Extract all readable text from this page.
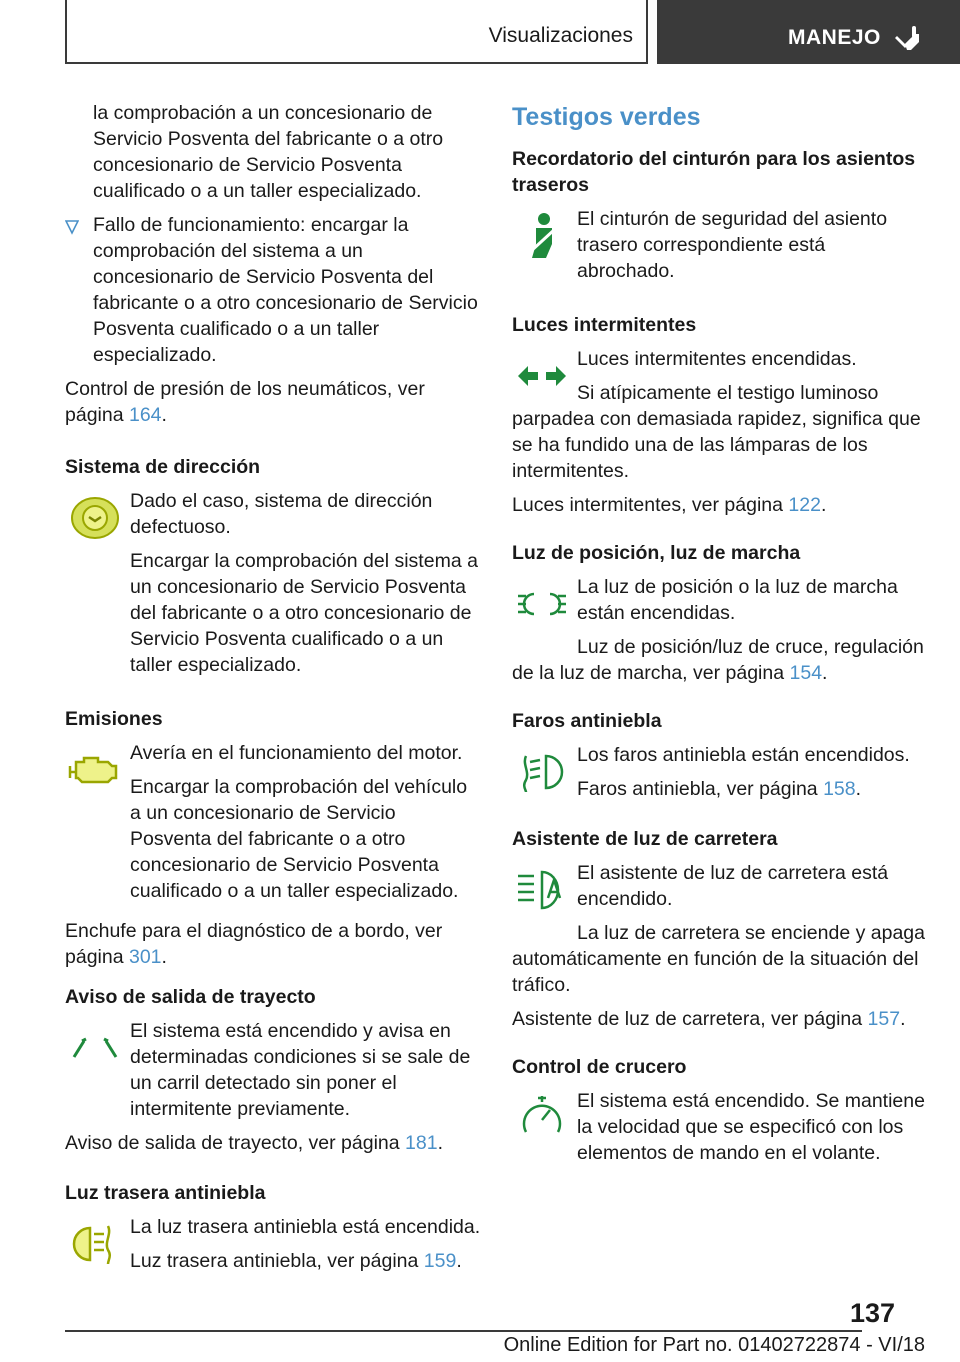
Visualizaciones	MANEJO

la comprobación a un concesionario de Servicio Posventa del fabricante o a otro concesionario de Servicio Posventa cualificado o a un taller especializado.

Fallo de funcionamiento: encargar la comprobación del sistema a un concesionario de Servicio Posventa del fabricante o a otro concesionario de Servicio Posventa cualificado o a un taller especializado.

Control de presión de los neumáticos, ver página 164.

Sistema de dirección

Dado el caso, sistema de dirección defectuoso.

Encargar la comprobación del sistema a un concesionario de Servicio Posventa del fabricante o a otro concesionario de Servicio Posventa cualificado o a un taller especializado.

Emisiones

Avería en el funcionamiento del motor.

Encargar la comprobación del vehículo a un concesionario de Servicio Posventa del fabricante o a otro concesionario de Servicio Posventa cualificado o a un taller especializado.

Enchufe para el diagnóstico de a bordo, ver página 301.

Aviso de salida de trayecto

El sistema está encendido y avisa en determinadas condiciones si se sale de un carril detectado sin poner el intermitente previamente.

Aviso de salida de trayecto, ver página 181.

Luz trasera antiniebla

La luz trasera antiniebla está encendida.

Luz trasera antiniebla, ver página 159.

Testigos verdes
Recordatorio del cinturón para los asientos traseros

El cinturón de seguridad del asiento trasero correspondiente está abrochado.

Luces intermitentes

Luces intermitentes encendidas.

Si atípicamente el testigo luminoso parpadea con demasiada rapidez, significa que se ha fundido una de las lámparas de los intermitentes.

Luces intermitentes, ver página 122.

Luz de posición, luz de marcha

La luz de posición o la luz de marcha están encendidas.

Luz de posición/luz de cruce, regulación de la luz de marcha, ver página 154.

Faros antiniebla

Los faros antiniebla están encendidos.

Faros antiniebla, ver página 158.

Asistente de luz de carretera

El asistente de luz de carretera está encendido.

La luz de carretera se enciende y apaga automáticamente en función de la situación del tráfico.

Asistente de luz de carretera, ver página 157.

Control de crucero

El sistema está encendido. Se mantiene la velocidad que se especificó con los elementos de mando en el volante.

137
Online Edition for Part no. 01402722874 - VI/18
